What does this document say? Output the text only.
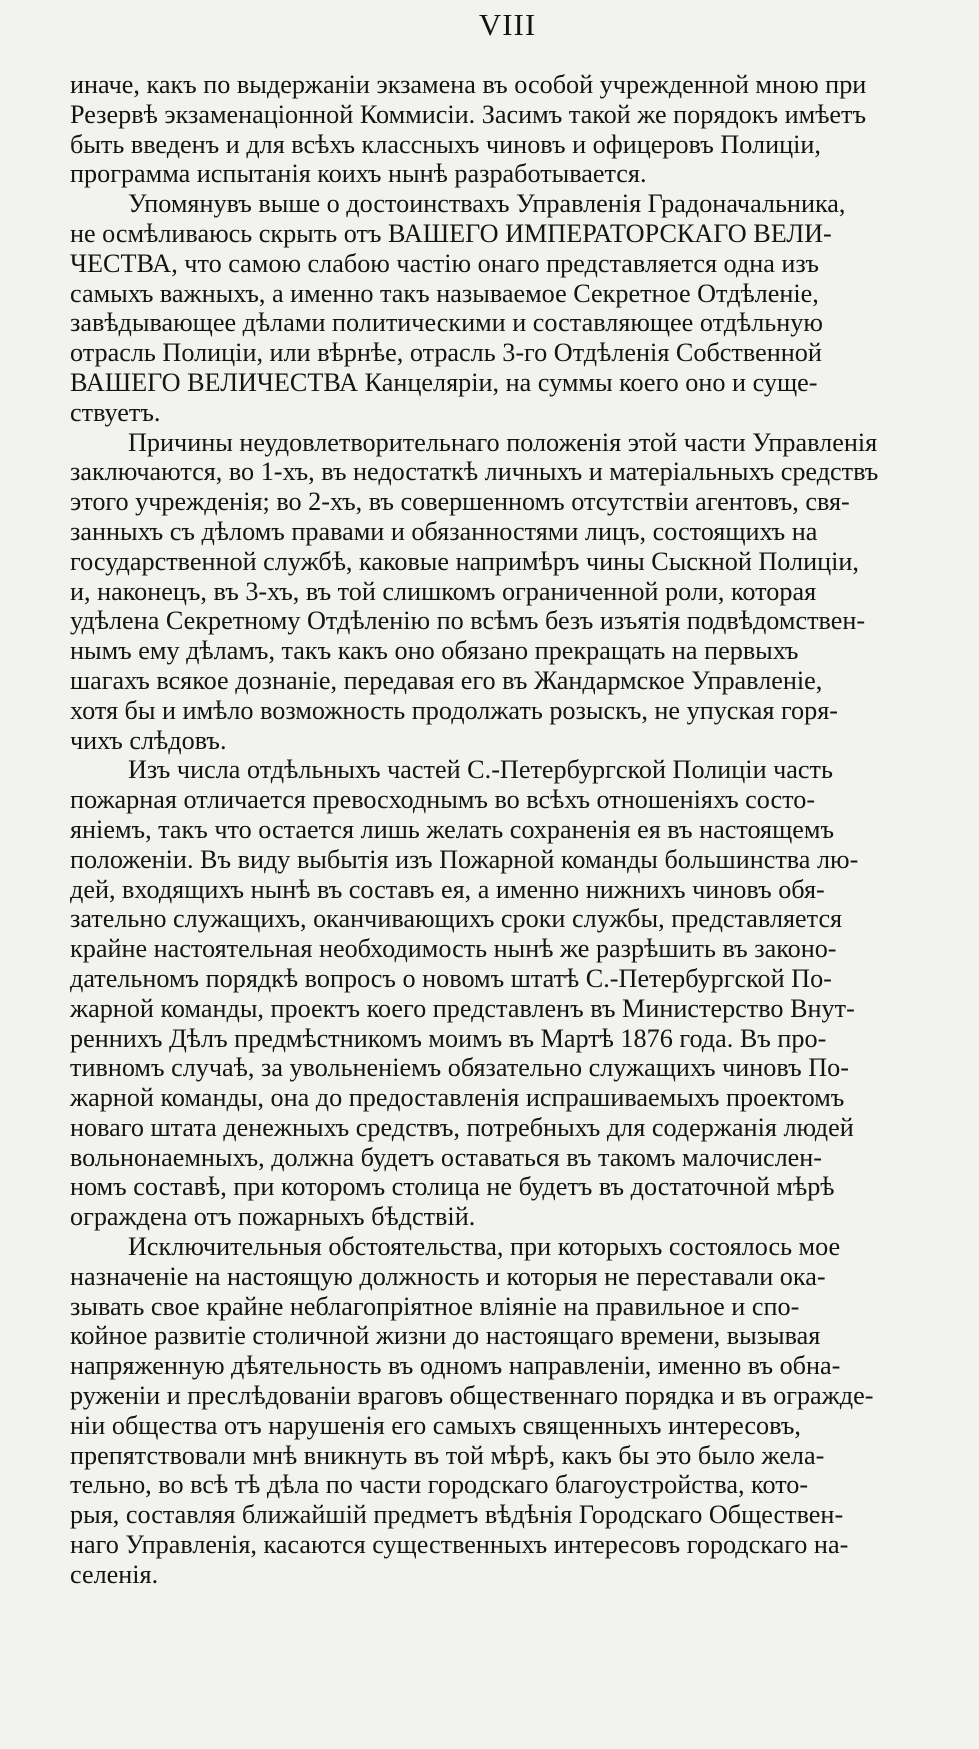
VIII

иначе, какъ по выдержанiи экзамена въ особой учрежденной мною при
Резервѣ экзаменацiонной Коммисiи. Засимъ такой же порядокъ имѣетъ
быть введенъ и для всѣхъ классныхъ чиновъ и офицеровъ Полицiи,
программа испытанiя коихъ нынѣ разработывается.

Упомянувъ выше о достоинствахъ Управленiя Градоначальника,
не осмѣливаюсь скрыть отъ ВАШЕГО ИМПЕРАТОРСКАГО ВЕЛИ-
ЧЕСТВА, что самою слабою частiю онаго представляется одна изъ
самыхъ важныхъ, а именно такъ называемое Секретное Отдѣленiе,
завѣдывающее дѣлами политическими и составляющее отдѣльную
отрасль Полицiи, или вѣрнѣе, отрасль 3-го Отдѣленiя Собственной
ВАШЕГО ВЕЛИЧЕСТВА Канцелярiи, на суммы коего оно и суще-
ствуетъ.

Причины неудовлетворительнаго положенiя этой части Управленiя
заключаются, во 1-хъ, въ недостаткѣ личныхъ и матерiальныхъ средствъ
этого учрежденiя; во 2-хъ, въ совершенномъ отсутствiи агентовъ, свя-
занныхъ съ дѣломъ правами и обязанностями лицъ, состоящихъ на
государственной службѣ, каковые напримѣръ чины Сыскной Полицiи,
и, наконецъ, въ 3-хъ, въ той слишкомъ ограниченной роли, которая
удѣлена Секретному Отдѣленiю по всѣмъ безъ изъятiя подвѣдомствен-
нымъ ему дѣламъ, такъ какъ оно обязано прекращать на первыхъ
шагахъ всякое дознанiе, передавая его въ Жандармское Управленiе,
хотя бы и имѣло возможность продолжать розыскъ, не упуская горя-
чихъ слѣдовъ.

Изъ числа отдѣльныхъ частей С.-Петербургской Полицiи часть
пожарная отличается превосходнымъ во всѣхъ отношенiяхъ состо-
янiемъ, такъ что остается лишь желать сохраненiя ея въ настоящемъ
положенiи. Въ виду выбытiя изъ Пожарной команды большинства лю-
дей, входящихъ нынѣ въ составъ ея, а именно нижнихъ чиновъ обя-
зательно служащихъ, оканчивающихъ сроки службы, представляется
крайне настоятельная необходимость нынѣ же разрѣшить въ законо-
дательномъ порядкѣ вопросъ о новомъ штатѣ С.-Петербургской По-
жарной команды, проектъ коего представленъ въ Министерство Внут-
реннихъ Дѣлъ предмѣстникомъ моимъ въ Мартѣ 1876 года. Въ про-
тивномъ случаѣ, за увольненiемъ обязательно служащихъ чиновъ По-
жарной команды, она до предоставленiя испрашиваемыхъ проектомъ
новаго штата денежныхъ средствъ, потребныхъ для содержанiя людей
вольнонаемныхъ, должна будетъ оставаться въ такомъ малочислен-
номъ составѣ, при которомъ столица не будетъ въ достаточной мѣрѣ
ограждена отъ пожарныхъ бѣдствiй.

Исключительныя обстоятельства, при которыхъ состоялось мое
назначенiе на настоящую должность и которыя не переставали ока-
зывать свое крайне неблагопрiятное влiянiе на правильное и спо-
койное развитiе столичной жизни до настоящаго времени, вызывая
напряженную дѣятельность въ одномъ направленiи, именно въ обна-
руженiи и преслѣдованiи враговъ общественнаго порядка и въ огражде-
нiи общества отъ нарушенiя его самыхъ священныхъ интересовъ,
препятствовали мнѣ вникнуть въ той мѣрѣ, какъ бы это было жела-
тельно, во всѣ тѣ дѣла по части городскаго благоустройства, кото-
рыя, составляя ближайшiй предметъ вѣдѣнiя Городскаго Обществен-
наго Управленiя, касаются существенныхъ интересовъ городскаго на-
селенiя.
